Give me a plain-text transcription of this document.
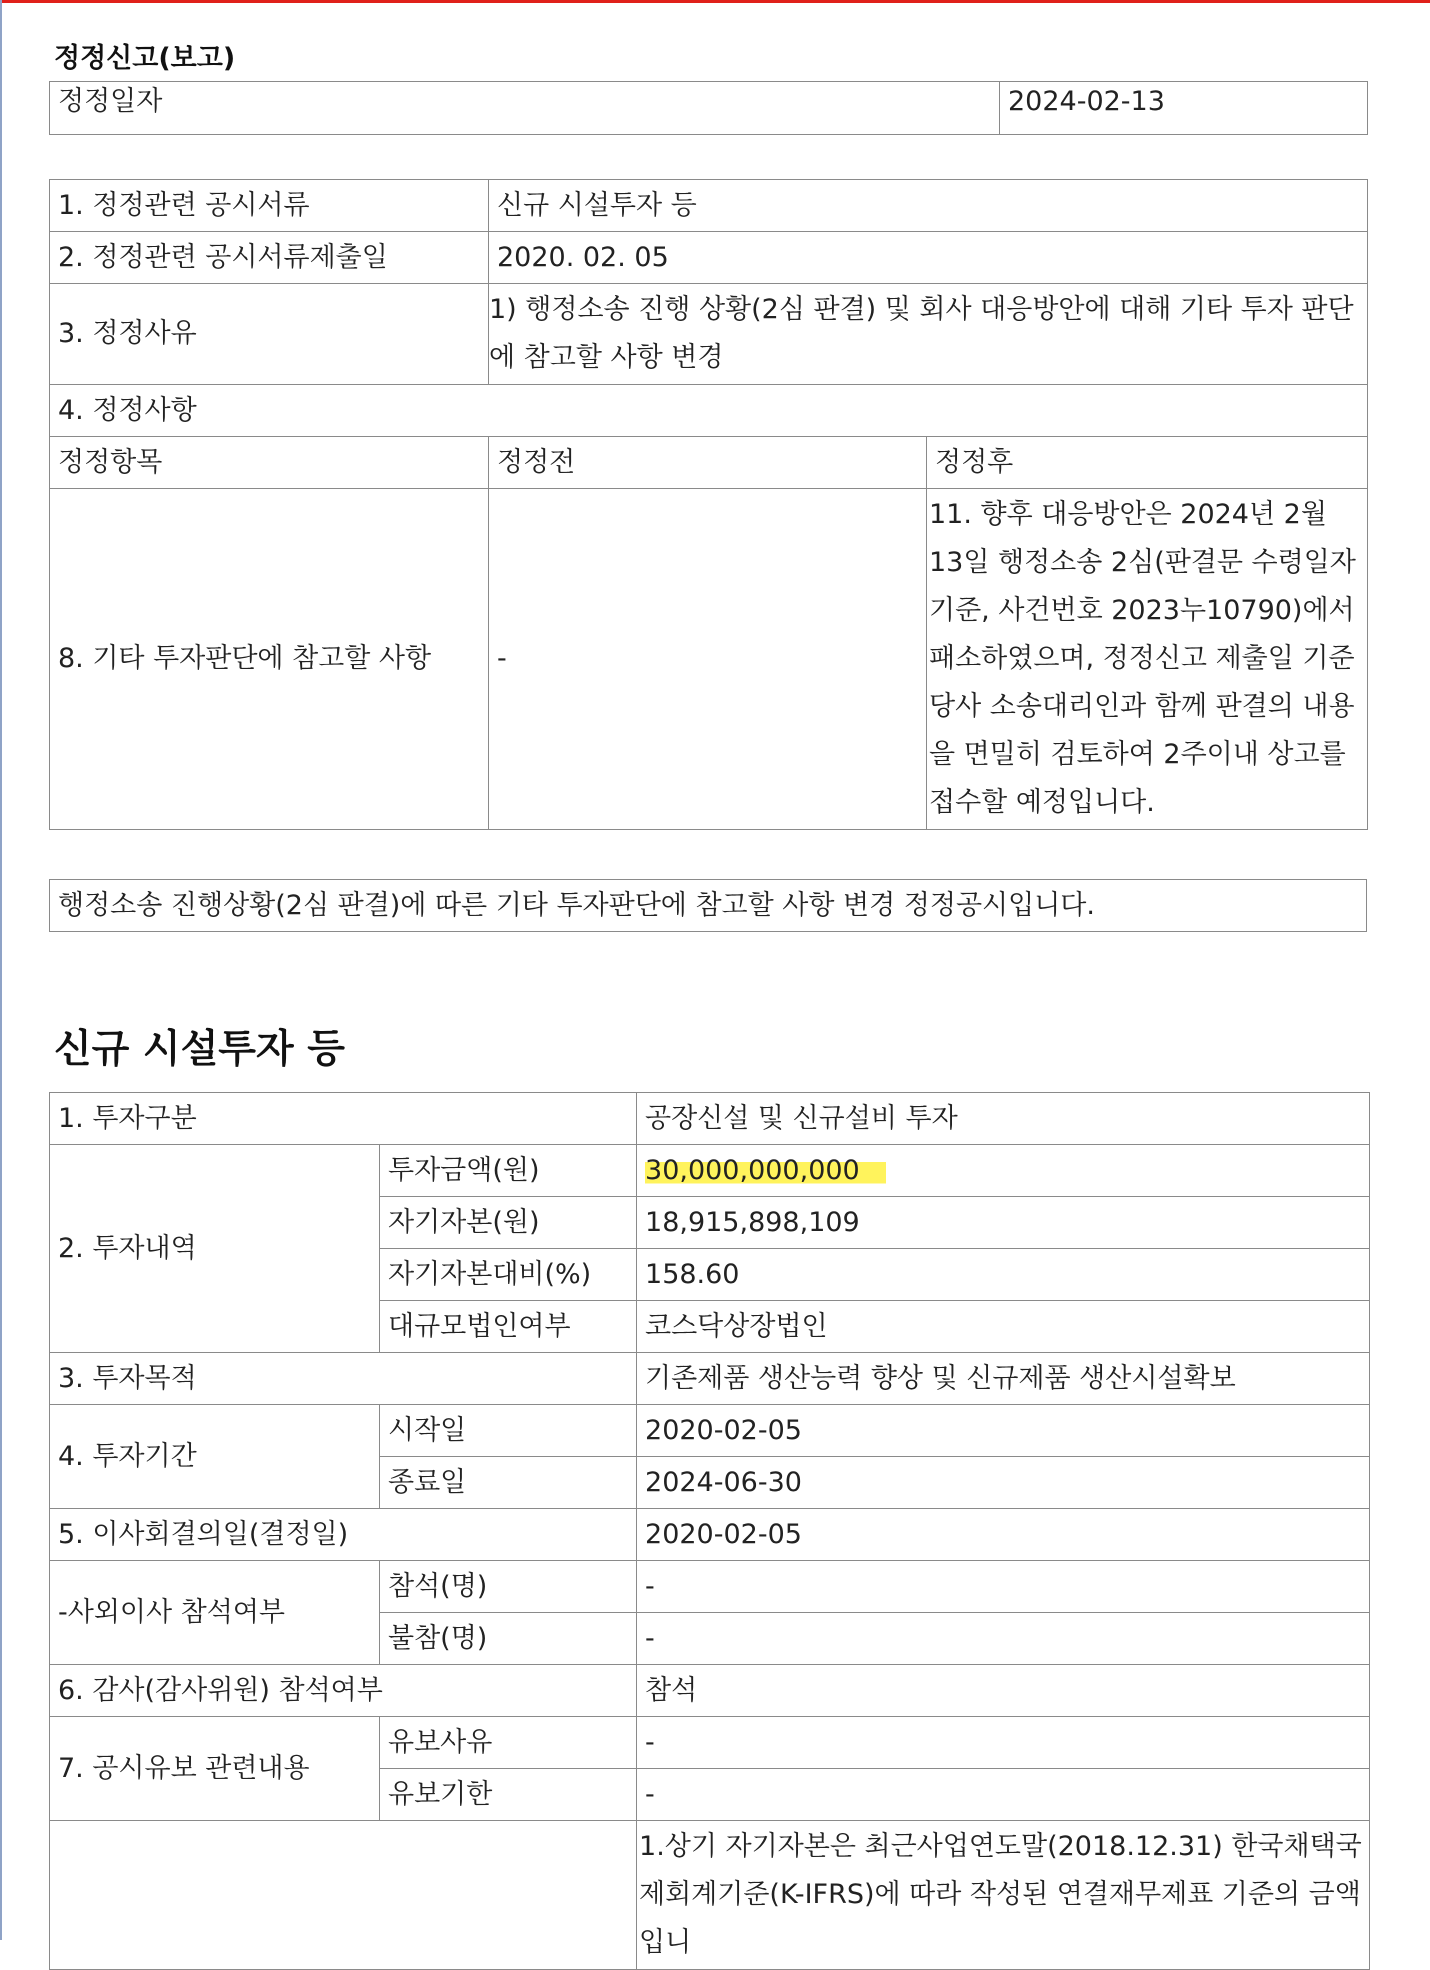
정정신고(보고)
정정일자	2024-02-13
1. 정정관련 공시서류	신규 시설투자 등	
2. 정정관련 공시서류제출일	2020. 02. 05	
3. 정정사유	1) 행정소송 진행 상황(2심 판결) 및 회사 대응방안에 대해 기타 투자 판단에 참고할 사항 변경	
4. 정정사항		
정정항목	정정전	정정후
8. 기타 투자판단에 참고할 사항	-	11. 향후 대응방안은 2024년 2월 13일 행정소송 2심(판결문 수령일자 기준, 사건번호 2023누10790)에서 패소하였으며, 정정신고 제출일 기준 당사 소송대리인과 함께 판결의 내용을 면밀히 검토하여 2주이내 상고를 접수할 예정입니다.
행정소송 진행상황(2심 판결)에 따른 기타 투자판단에 참고할 사항 변경 정정공시입니다.
신규 시설투자 등
1. 투자구분		공장신설 및 신규설비 투자
2. 투자내역	투자금액(원)	30,000,000,000
	자기자본(원)	18,915,898,109
	자기자본대비(%)	158.60
	대규모법인여부	코스닥상장법인
3. 투자목적		기존제품 생산능력 향상 및 신규제품 생산시설확보
4. 투자기간	시작일	2020-02-05
	종료일	2024-06-30
5. 이사회결의일(결정일)		2020-02-05
-사외이사 참석여부	참석(명)	-
	불참(명)	-
6. 감사(감사위원) 참석여부		참석
7. 공시유보 관련내용	유보사유	-
	유보기한	-
		1.상기 자기자본은 최근사업연도말(2018.12.31) 한국채택국제회계기준(K-IFRS)에 따라 작성된 연결재무제표 기준의 금액입니
